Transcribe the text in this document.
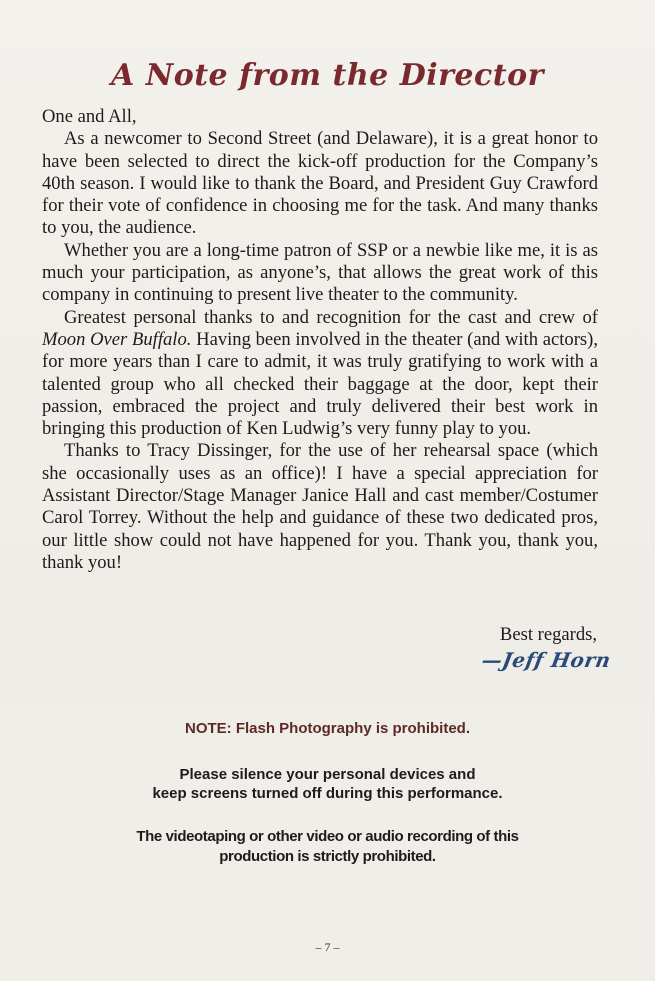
A Note from the Director

One and All,

As a newcomer to Second Street (and Delaware), it is a great honor to have been selected to direct the kick-off production for the Company’s 40th season. I would like to thank the Board, and President Guy Crawford for their vote of confidence in choosing me for the task. And many thanks to you, the audience.

Whether you are a long-time patron of SSP or a newbie like me, it is as much your participation, as anyone’s, that allows the great work of this company in continuing to present live theater to the community.

Greatest personal thanks to and recognition for the cast and crew of Moon Over Buffalo. Having been involved in the theater (and with actors), for more years than I care to admit, it was truly gratifying to work with a talented group who all checked their baggage at the door, kept their passion, embraced the project and truly delivered their best work in bringing this production of Ken Ludwig’s very funny play to you.

Thanks to Tracy Dissinger, for the use of her rehearsal space (which she occasionally uses as an office)! I have a special appreciation for Assistant Director/Stage Manager Janice Hall and cast member/Costumer Carol Torrey. Without the help and guidance of these two dedicated pros, our little show could not have happened for you. Thank you, thank you, thank you!

Best regards,
—Jeff Horn

NOTE: Flash Photography is prohibited.

Please silence your personal devices and
keep screens turned off during this performance.
The videotaping or other video or audio recording of this
production is strictly prohibited.
– 7 –
